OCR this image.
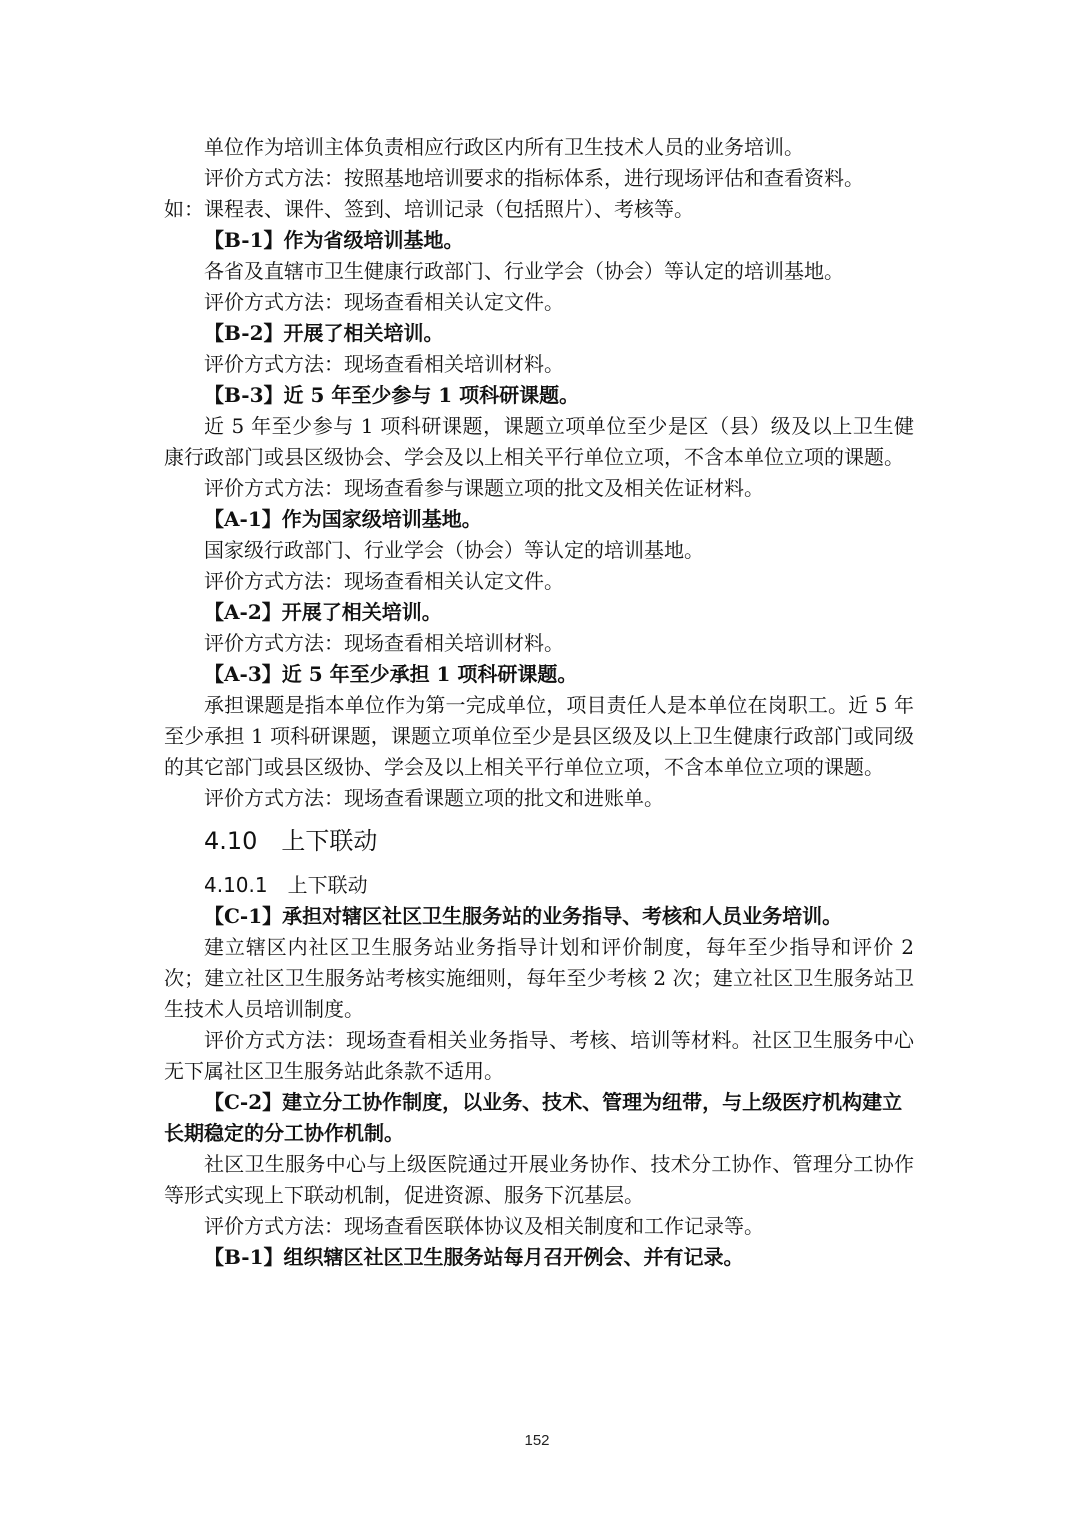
单位作为培训主体负责相应行政区内所有卫生技术人员的业务培训。

评价方式方法：按照基地培训要求的指标体系，进行现场评估和查看资料。

如：课程表、课件、签到、培训记录（包括照片）、考核等。

【B-1】作为省级培训基地。

各省及直辖市卫生健康行政部门、行业学会（协会）等认定的培训基地。

评价方式方法：现场查看相关认定文件。

【B-2】开展了相关培训。

评价方式方法：现场查看相关培训材料。

【B-3】近 5 年至少参与 1 项科研课题。

近 5 年至少参与 1 项科研课题，课题立项单位至少是区（县）级及以上卫生健康行政部门或县区级协会、学会及以上相关平行单位立项，不含本单位立项的课题。

评价方式方法：现场查看参与课题立项的批文及相关佐证材料。

【A-1】作为国家级培训基地。

国家级行政部门、行业学会（协会）等认定的培训基地。

评价方式方法：现场查看相关认定文件。

【A-2】开展了相关培训。

评价方式方法：现场查看相关培训材料。

【A-3】近 5 年至少承担 1 项科研课题。

承担课题是指本单位作为第一完成单位，项目责任人是本单位在岗职工。近 5 年至少承担 1 项科研课题，课题立项单位至少是县区级及以上卫生健康行政部门或同级的其它部门或县区级协、学会及以上相关平行单位立项，不含本单位立项的课题。

评价方式方法：现场查看课题立项的批文和进账单。

4.10　上下联动
4.10.1　上下联动

【C-1】承担对辖区社区卫生服务站的业务指导、考核和人员业务培训。

建立辖区内社区卫生服务站业务指导计划和评价制度，每年至少指导和评价 2 次；建立社区卫生服务站考核实施细则，每年至少考核 2 次；建立社区卫生服务站卫生技术人员培训制度。

评价方式方法：现场查看相关业务指导、考核、培训等材料。社区卫生服务中心无下属社区卫生服务站此条款不适用。

【C-2】建立分工协作制度，以业务、技术、管理为纽带，与上级医疗机构建立长期稳定的分工协作机制。

社区卫生服务中心与上级医院通过开展业务协作、技术分工协作、管理分工协作等形式实现上下联动机制，促进资源、服务下沉基层。

评价方式方法：现场查看医联体协议及相关制度和工作记录等。

【B-1】组织辖区社区卫生服务站每月召开例会、并有记录。

152
